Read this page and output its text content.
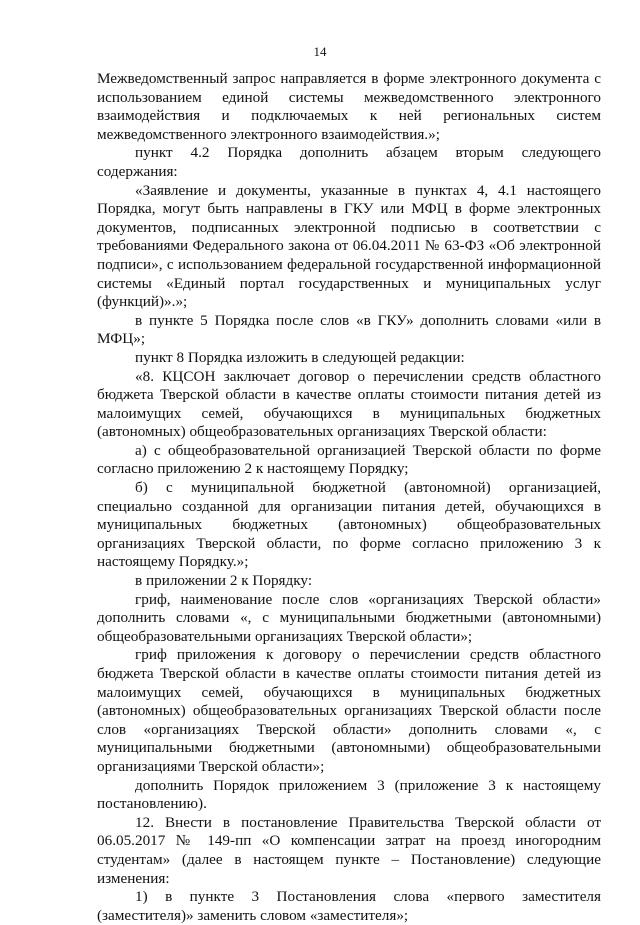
14

Межведомственный запрос направляется в форме электронного документа с использованием единой системы межведомственного электронного взаимодействия и подключаемых к ней региональных систем межведомственного электронного взаимодействия.»;

пункт 4.2 Порядка дополнить абзацем вторым следующего содержания:

«Заявление и документы, указанные в пунктах 4, 4.1 настоящего Порядка, могут быть направлены в ГКУ или МФЦ в форме электронных документов, подписанных электронной подписью в соответствии с требованиями Федерального закона от 06.04.2011 № 63-ФЗ «Об электронной подписи», с использованием федеральной государственной информационной системы «Единый портал государственных и муниципальных услуг (функций)».»;

в пункте 5 Порядка после слов «в ГКУ» дополнить словами «или в МФЦ»;

пункт 8 Порядка изложить в следующей редакции:

«8. КЦСОН заключает договор о перечислении средств областного бюджета Тверской области в качестве оплаты стоимости питания детей из малоимущих семей, обучающихся в муниципальных бюджетных (автономных) общеобразовательных организациях Тверской области:

а) с общеобразовательной организацией Тверской области по форме согласно приложению 2 к настоящему Порядку;

б) с муниципальной бюджетной (автономной) организацией, специально созданной для организации питания детей, обучающихся в муниципальных бюджетных (автономных) общеобразовательных организациях Тверской области, по форме согласно приложению 3 к настоящему Порядку.»;

в приложении 2 к Порядку:

гриф, наименование после слов «организациях Тверской области» дополнить словами «, с муниципальными бюджетными (автономными) общеобразовательными организациях Тверской области»;

гриф приложения к договору о перечислении средств областного бюджета Тверской области в качестве оплаты стоимости питания детей из малоимущих семей, обучающихся в муниципальных бюджетных (автономных) общеобразовательных организациях Тверской области после слов «организациях Тверской области» дополнить словами «, с муниципальными бюджетными (автономными) общеобразовательными организациями Тверской области»;

дополнить Порядок приложением 3 (приложение 3 к настоящему постановлению).

12. Внести в постановление Правительства Тверской области от 06.05.2017 № 149-пп «О компенсации затрат на проезд иногородним студентам» (далее в настоящем пункте – Постановление) следующие изменения:

1) в пункте 3 Постановления слова «первого заместителя (заместителя)» заменить словом «заместителя»;
